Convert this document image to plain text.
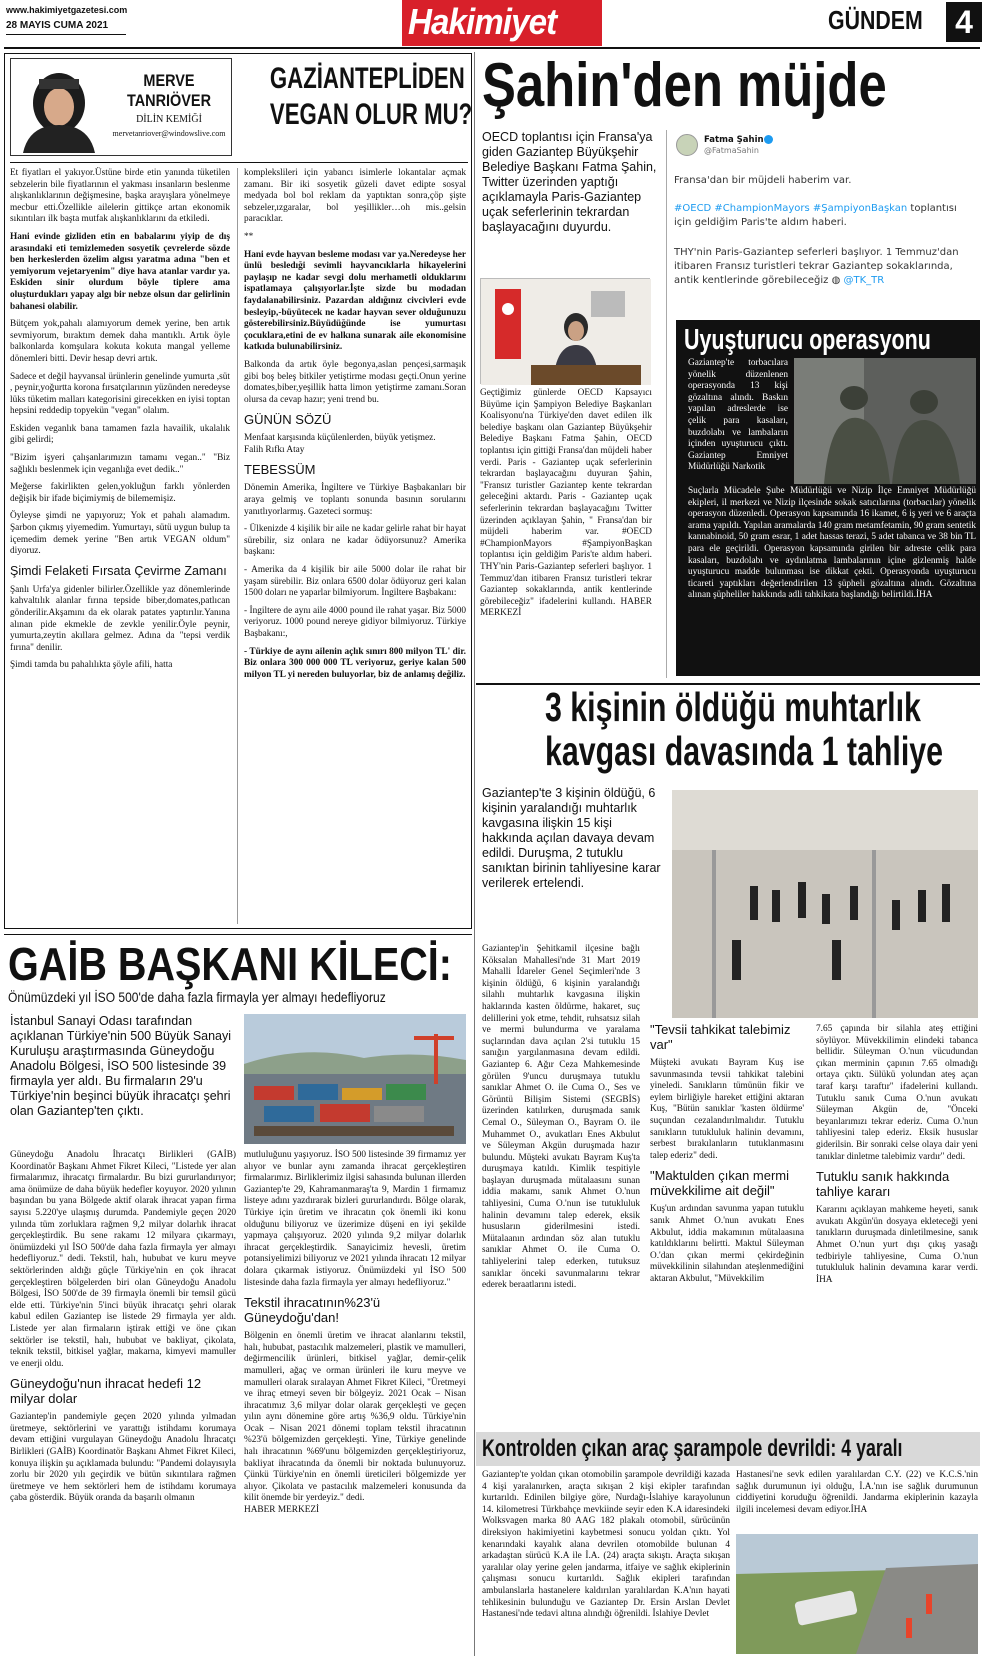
www.hakimiyetgazetesi.com
28 MAYIS CUMA 2021	Hakimiyet	GÜNDEM 4
MERVE
TANRIÖVER
DİLİN KEMİĞİ
mervetanriover@windowslive.com
GAZİANTEPLİDEN
VEGAN OLUR MU?

Et fiyatları el yakıyor.Üstüne birde etin yanında tüketilen sebzelerin bile fiyatlarının el yakması insanların beslenme alışkanlıklarının değişmesine, başka arayışlara yönelmeye mecbur etti.Özellikle ailelerin gittikçe artan ekonomik sıkıntıları ilk başta mutfak alışkanlıklarını da etkiledi.

Hani evinde gizliden etin en babalarını yiyip de dış arasındaki eti temizlemeden sosyetik çevrelerde sözde ben herkeslerden özelim algısı yaratma adına "ben et yemiyorum vejetaryenim" diye hava atanlar vardır ya. Eskiden sinir olurdum böyle tiplere ama oluşturdukları yapay algı bir nebze olsun dar gelirlinin bahanesi olabilir.

Bütçem yok,pahalı alamıyorum demek yerine, ben artık sevmiyorum, bıraktım demek daha mantıklı. Artık öyle balkonlarda komşulara kokuta kokuta mangal yelleme dönemleri bitti. Devir hesap devri artık.

Sadece et değil hayvansal ürünlerin genelinde yumurta ,süt , peynir,yoğurtta korona fırsatçılarının yüzünden neredeyse lüks tüketim malları kategorisini girecekken en iyisi toptan hepsini reddedip topyekün "vegan" olalım.

Eskiden veganlık bana tamamen fazla havailik, ukalalık gibi gelirdi;

"Bizim işyeri çalışanlarımızın tamamı vegan.." "Biz sağlıklı beslenmek için veganlığa evet dedik.."

Meğerse fakirlikten gelen,yokluğun farklı yönlerden değişik bir ifade biçimiymiş de bilememişiz.

Öyleyse şimdi ne yapıyoruz; Yok et pahalı alamadım. Şarbon çıkmış yiyemedim. Yumurtayı, sütü uygun bulup ta içemedim demek yerine "Ben artık VEGAN oldum" diyoruz.

Şimdi Felaketi Fırsata Çevirme Zamanı

Şanlı Urfa'ya gidenler bilirler.Özellikle yaz dönemlerinde kahvaltılık alanlar fırına tepside biber,domates,patlıcan gönderilir.Akşamını da ek olarak patates yaptırılır.Yanına alınan pide ekmekle de zevkle yenilir.Öyle peynir, yumurta,zeytin akıllara gelmez. Adına da "tepsi verdik fırına" denilir.

Şimdi tamda bu pahalılıkta şöyle afili, hatta

komplekslileri için yabancı isimlerle lokantalar açmak zamanı. Bir iki sosyetik güzeli davet edipte sosyal medyada bol bol reklam da yaptıktan sonra,çöp şişte sebzeler,ızgaralar, bol yeşillikler…oh mis..gelsin paracıklar.

**

Hani evde hayvan besleme modası var ya.Neredeyse her ünlü besledıği sevimli hayvancıklarla hikayelerini paylaşıp ne kadar sevgi dolu merhametli olduklarını ispatlamaya çalışıyorlar.İşte sizde bu modadan faydalanabilirsiniz. Pazardan aldığınız civcivleri evde besleyip,-büyütecek ne kadar hayvan sever olduğunuzu gösterebilirsiniz.Büyüdüğünde ise yumurtası çocuklara,etini de ev halkına sunarak aile ekonomisine katkıda bulunabilirsiniz.

Balkonda da artık öyle begonya,aslan pençesi,sarmaşık gibi boş beleş bitkiler yetiştirme modası geçti.Onun yerine domates,biber,yeşillik hatta limon yetiştirme zamanı.Soran olursa da cevap hazır; yeni trend bu.

GÜNÜN SÖZÜ

Menfaat karşısında küçülenlerden, büyük yetişmez.

Falih Rıfkı Atay

TEBESSÜM

Dönemin Amerika, İngiltere ve Türkiye Başbakanları bir araya gelmiş ve toplantı sonunda basının sorularını yanıtlıyorlarmış. Gazeteci sormuş:

- Ülkenizde 4 kişilik bir aile ne kadar gelirle rahat bir hayat sürebilir, siz onlara ne kadar ödüyorsunuz? Amerika başkanı:

- Amerika da 4 kişilik bir aile 5000 dolar ile rahat bir yaşam sürebilir. Biz onlara 6500 dolar ödüyoruz geri kalan 1500 doları ne yaparlar bilmiyorum. İngiltere Başbakanı:

- İngiltere de aynı aile 4000 pound ile rahat yaşar. Biz 5000 veriyoruz. 1000 pound nereye gidiyor bilmiyoruz. Türkiye Başbakanı:,

- Türkiye de aynı ailenin açlık sınırı 800 milyon TL' dir. Biz onlara 300 000 000 TL veriyoruz, geriye kalan 500 milyon TL yi nereden buluyorlar, biz de anlamış değiliz.

Şahin'den müjde
OECD toplantısı için Fransa'ya giden Gaziantep Büyükşehir Belediye Başkanı Fatma Şahin, Twitter üzerinden yaptığı açıklamayla Paris-Gaziantep uçak seferlerinin tekrardan başlayacağını duyurdu.
Geçtiğimiz günlerde OECD Kapsayıcı Büyüme için Şampiyon Belediye Başkanları Koalisyonu'na Türkiye'den davet edilen ilk belediye başkanı olan Gaziantep Büyükşehir Belediye Başkanı Fatma Şahin, OECD toplantısı için gittiği Fransa'dan müjdeli haber verdi. Paris - Gaziantep uçak seferlerinin tekrardan başlayacağını duyuran Şahin, "Fransız turistler Gaziantep kente tekrardan geleceğini aktardı. Paris - Gaziantep uçak seferlerinin tekrardan başlayacağını Twitter üzerinden açıklayan Şahin, " Fransa'dan bir müjdeli haberim var. #OECD #ChampionMayors #ŞampiyonBaşkan toplantısı için geldiğim Paris'te aldım haberi. THY'nin Paris-Gaziantep seferleri başlıyor. 1 Temmuz'dan itibaren Fransız turistleri tekrar Gaziantep sokaklarında, antik kentlerinde görebileceğiz" ifadelerini kullandı. HABER MERKEZİ
Fatma Şahin
@FatmaSahin
Fransa'dan bir müjdeli haberim var.
#OECD #ChampionMayors #ŞampiyonBaşkan toplantısı için geldiğim Paris'te aldım haberi.
THY'nin Paris-Gaziantep seferleri başlıyor. 1 Temmuz'dan itibaren Fransız turistleri tekrar Gaziantep sokaklarında, antik kentlerinde görebileceğiz ◍ @TK_TR
Uyuşturucu operasyonu
Gaziantep'te torbacılara yönelik düzenlenen operasyonda 13 kişi gözaltına alındı. Baskın yapılan adreslerde ise çelik para kasaları, buzdolabı ve lambaların içinden uyuşturucu çıktı. Gaziantep Emniyet Müdürlüğü Narkotik
Suçlarla Mücadele Şube Müdürlüğü ve Nizip İlçe Emniyet Müdürlüğü ekipleri, il merkezi ve Nizip ilçesinde sokak satıcılarına (torbacılar) yönelik operasyon düzenledi. Operasyon kapsamında 16 ikamet, 6 iş yeri ve 6 araçta arama yapıldı. Yapılan aramalarda 140 gram metamfetamin, 90 gram sentetik kannabinoid, 50 gram esrar, 1 adet hassas terazi, 5 adet tabanca ve 38 bin TL para ele geçirildi. Operasyon kapsamında girilen bir adreste çelik para kasaları, buzdolabı ve aydınlatma lambalarının içine gizlenmiş halde uyuşturucu madde bulunması ise dikkat çekti. Operasyonda uyuşturucu ticareti yaptıkları değerlendirilen 13 şüpheli gözaltına alındı. Gözaltına alınan şüpheliler hakkında adli tahkikata başlandığı belirtildi.İHA
3 kişinin öldüğü muhtarlık
kavgası davasında 1 tahliye
Gaziantep'te 3 kişinin öldüğü, 6 kişinin yaralandığı muhtarlık kavgasına ilişkin 15 kişi hakkında açılan davaya devam edildi. Duruşma, 2 tutuklu sanıktan birinin tahliyesine karar verilerek ertelendi.
Gaziantep'in Şehitkamil ilçesine bağlı Köksalan Mahallesi'nde 31 Mart 2019 Mahalli İdareler Genel Seçimleri'nde 3 kişinin öldüğü, 6 kişinin yaralandığı silahlı muhtarlık kavgasına ilişkin haklarında kasten öldürme, hakaret, suç delillerini yok etme, tehdit, ruhsatsız silah ve mermi bulundurma ve yaralama suçlarından dava açılan 2'si tutuklu 15 sanığın yargılanmasına devam edildi. Gaziantep 6. Ağır Ceza Mahkemesinde görülen 9'uncu duruşmaya tutuklu sanıklar Ahmet O. ile Cuma O., Ses ve Görüntü Bilişim Sistemi (SEGBİS) üzerinden katılırken, duruşmada sanık Cemal O., Süleyman O., Bayram O. ile Muhammet O., avukatları Enes Akbulut ve Süleyman Akgün duruşmada hazır bulundu. Müşteki avukatı Bayram Kuş'ta duruşmaya katıldı. Kimlik tespitiyle başlayan duruşmada mütalaasını sunan iddia makamı, sanık Ahmet O.'nun tahliyesini, Cuma O.'nun ise tutukluluk halinin devamını talep ederek, eksik hususların giderilmesini istedi. Mütalaanın ardından söz alan tutuklu sanıklar Ahmet O. ile Cuma O. tahliyelerini talep ederken, tutuksuz sanıklar önceki savunmalarını tekrar ederek beraatlarını istedi.
"Tevsii tahkikat talebimiz var"
Müşteki avukatı Bayram Kuş ise savunmasında tevsii tahkikat talebini yineledi. Sanıkların tümünün fikir ve eylem birliğiyle hareket ettiğini aktaran Kuş, "Bütün sanıklar 'kasten öldürme' suçundan cezalandırılmalıdır. Tutuklu sanıkların tutukluluk halinin devamını, serbest bırakılanların tutuklanmasını talep ederiz" dedi.
"Maktulden çıkan mermi müvekkilime ait değil"
Kuş'un ardından savunma yapan tutuklu sanık Ahmet O.'nun avukatı Enes Akbulut, iddia makamının mütalaasına katıldıklarını belirtti. Maktul Süleyman O.'dan çıkan mermi çekirdeğinin müvekkilinin silahından ateşlenmediğini aktaran Akbulut, "Müvekkilim
7.65 çapında bir silahla ateş ettiğini söylüyor. Müvekkilimin elindeki tabanca bellidir. Süleyman O.'nun vücudundan çıkan merminin çapının 7.65 olmadığı ortaya çıktı. Sülükü yolundan ateş açan taraf karşı taraftır" ifadelerini kullandı. Tutuklu sanık Cuma O.'nun avukatı Süleyman Akgün de, "Önceki beyanlarımızı tekrar ederiz. Cuma O.'nun tahliyesini talep ederiz. Eksik hususlar giderilsin. Bir sonraki celse olaya dair yeni tanıklar dinletme talebimiz vardır" dedi.
Tutuklu sanık hakkında tahliye kararı
Kararını açıklayan mahkeme heyeti, sanık avukatı Akgün'ün dosyaya ekleteceği yeni tanıkların duruşmada dinletilmesine, sanık Ahmet O.'nun yurt dışı çıkış yasağı tedbiriyle tahliyesine, Cuma O.'nun tutukluluk halinin devamına karar verdi. İHA
GAİB BAŞKANI KİLECİ:
Önümüzdeki yıl İSO 500'de daha fazla firmayla yer almayı hedefliyoruz
İstanbul Sanayi Odası tarafından açıklanan Türkiye'nin 500 Büyük Sanayi Kuruluşu araştırmasında Güneydoğu Anadolu Bölgesi, İSO 500 listesinde 39 firmayla yer aldı. Bu firmaların 29'u Türkiye'nin beşinci büyük ihracatçı şehri olan Gaziantep'ten çıktı.
Güneydoğu Anadolu İhracatçı Birlikleri (GAİB) Koordinatör Başkanı Ahmet Fikret Kileci, "Listede yer alan firmalarımız, ihracatçı firmalardır. Bu bizi gururlandırıyor; ama önümüze de daha büyük hedefler koyuyor. 2020 yılının başından bu yana Bölgede aktif olarak ihracat yapan firma sayısı 5.220'ye ulaşmış durumda. Pandemiyle geçen 2020 yılında tüm zorluklara rağmen 9,2 milyar dolarlık ihracat gerçekleştirdik. Bu sene rakamı 12 milyara çıkarmayı, önümüzdeki yıl İSO 500'de daha fazla firmayla yer almayı hedefliyoruz." dedi. Tekstil, halı, hububat ve kuru meyve sektörlerinden aldığı güçle Türkiye'nin en çok ihracat gerçekleştiren bölgelerden biri olan Güneydoğu Anadolu Bölgesi, İSO 500'de de 39 firmayla önemli bir temsil gücü elde etti. Türkiye'nin 5'inci büyük ihracatçı şehri olarak kabul edilen Gaziantep ise listede 29 firmayla yer aldı. Listede yer alan firmaların iştirak ettiği ve öne çıkan sektörler ise tekstil, halı, hububat ve bakliyat, çikolata, teknik tekstil, bitkisel yağlar, makarna, kimyevi mamuller ve enerji oldu.
Güneydoğu'nun ihracat hedefi 12 milyar dolar
Gaziantep'in pandemiyle geçen 2020 yılında yılmadan üretmeye, sektörlerini ve yarattığı istihdamı korumaya devam ettiğini vurgulayan Güneydoğu Anadolu İhracatçı Birlikleri (GAİB) Koordinatör Başkanı Ahmet Fikret Kileci, konuya ilişkin şu açıklamada bulundu: "Pandemi dolayısıyla zorlu bir 2020 yılı geçirdik ve bütün sıkıntılara rağmen üretmeye ve hem sektörleri hem de istihdamı korumaya çaba gösterdik. Büyük oranda da başarılı olmanın
mutluluğunu yaşıyoruz. İSO 500 listesinde 39 firmamız yer alıyor ve bunlar aynı zamanda ihracat gerçekleştiren firmalarımız. Birliklerimiz ilgisi sahasında bulunan illerden Gaziantep'te 29, Kahramanmaraş'ta 9, Mardin 1 firmamız listeye adını yazdırarak bizleri gururlandırdı. Bölge olarak, Türkiye için üretim ve ihracatın çok önemli iki konu olduğunu biliyoruz ve üzerimize düşeni en iyi şekilde yapmaya çalışıyoruz. 2020 yılında 9,2 milyar dolarlık ihracat gerçekleştirdik. Sanayicimiz hevesli, üretim potansiyelimizi biliyoruz ve 2021 yılında ihracatı 12 milyar dolara çıkarmak istiyoruz. Önümüzdeki yıl İSO 500 listesinde daha fazla firmayla yer almayı hedefliyoruz."
Tekstil ihracatının%23'ü Güneydoğu'dan!
Bölgenin en önemli üretim ve ihracat alanlarını tekstil, halı, hububat, pastacılık malzemeleri, plastik ve mamulleri, değirmencilik ürünleri, bitkisel yağlar, demir-çelik mamulleri, ağaç ve orman ürünleri ile kuru meyve ve mamulleri olarak sıralayan Ahmet Fikret Kileci, "Üretmeyi ve ihraç etmeyi seven bir bölgeyiz. 2021 Ocak – Nisan ihracatımız 3,6 milyar dolar olarak gerçekleşti ve geçen yılın aynı dönemine göre artış %36,9 oldu. Türkiye'nin Ocak – Nisan 2021 dönemi toplam tekstil ihracatının %23'ü bölgemizden gerçekleşti. Yine, Türkiye genelinde halı ihracatının %69'unu bölgemizden gerçekleştiriyoruz, bakliyat ihracatında da önemli bir noktada bulunuyoruz. Çünkü Türkiye'nin en önemli üreticileri bölgemizde yer alıyor. Çikolata ve pastacılık malzemeleri konusunda da kilit önemde bir yerdeyiz." dedi.
HABER MERKEZİ
Kontrolden çıkan araç şarampole devrildi: 4 yaralı
Gaziantep'te yoldan çıkan otomobilin şarampole devrildiği kazada 4 kişi yaralanırken, araçta sıkışan 2 kişi ekipler tarafından kurtarıldı. Edinilen bilgiye göre, Nurdağı-İslahiye karayolunun 14. kilometresi Türkbahçe mevkiinde seyir eden K.A idaresindeki Wolksvagen marka 80 AAG 182 plakalı otomobil, sürücünün direksiyon hakimiyetini kaybetmesi sonucu yoldan çıktı. Yol kenarındaki kayalık alana devrilen otomobilde bulunan 4 arkadaştan sürücü K.A ile İ.A. (24) araçta sıkıştı. Araçta sıkışan yaralılar olay yerine gelen jandarma, itfaiye ve sağlık ekiplerinin çalışması sonucu kurtarıldı. Sağlık ekipleri tarafından ambulanslarla hastanelere kaldırılan yaralılardan K.A'nın hayati tehlikesinin bulunduğu ve Gaziantep Dr. Ersin Arslan Devlet Hastanesi'nde tedavi altına alındığı öğrenildi. İslahiye Devlet
Hastanesi'ne sevk edilen yaralılardan C.Y. (22) ve K.C.S.'nin sağlık durumunun iyi olduğu, İ.A.'nın ise sağlık durumunun ciddiyetini koruduğu öğrenildi. Jandarma ekiplerinin kazayla ilgili incelemesi devam ediyor.İHA
